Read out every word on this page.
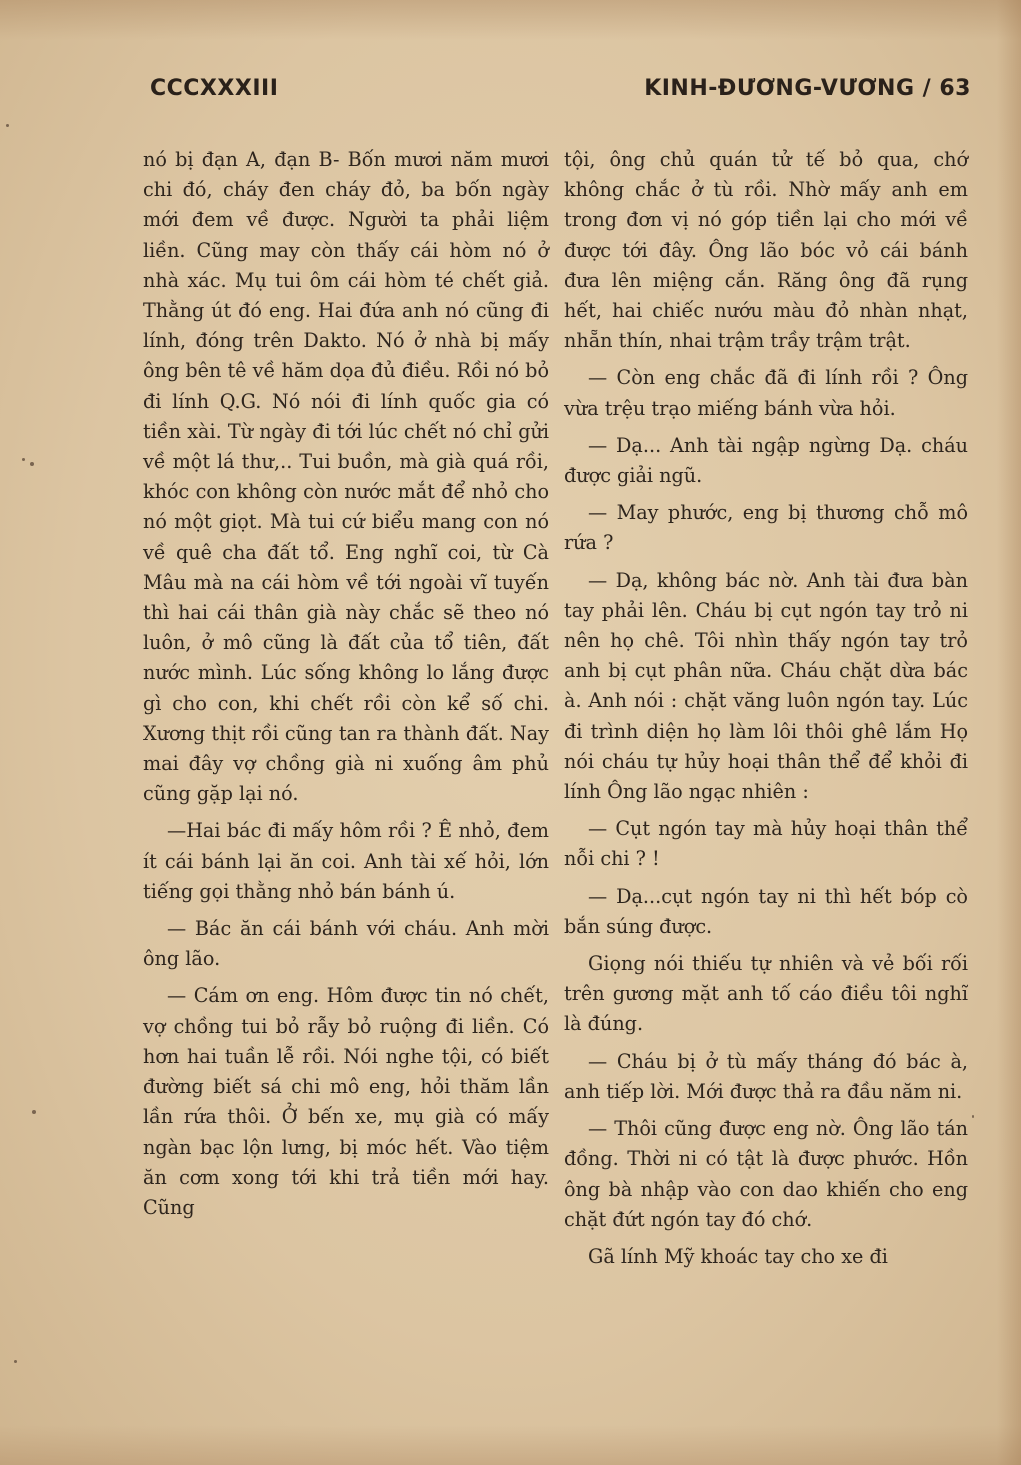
CCCXXXIII	KINH-ĐƯƠNG-VƯƠNG / 63

nó bị đạn A, đạn B- Bốn mươi năm mươi chi đó, cháy đen cháy đỏ, ba bốn ngày mới đem về được. Người ta phải liệm liền. Cũng may còn thấy cái hòm nó ở nhà xác. Mụ tui ôm cái hòm té chết giả. Thằng út đó eng. Hai đứa anh nó cũng đi lính, đóng trên Dakto. Nó ở nhà bị mấy ông bên tê về hăm dọa đủ điều. Rồi nó bỏ đi lính Q.G. Nó nói đi lính quốc gia có tiền xài. Từ ngày đi tới lúc chết nó chỉ gửi về một lá thư,.. Tui buồn, mà già quá rồi, khóc con không còn nước mắt để nhỏ cho nó một giọt. Mà tui cứ biểu mang con nó về quê cha đất tổ. Eng nghĩ coi, từ Cà Mâu mà na cái hòm về tới ngoài vĩ tuyến thì hai cái thân già này chắc sẽ theo nó luôn, ở mô cũng là đất của tổ tiên, đất nước mình. Lúc sống không lo lắng được gì cho con, khi chết rồi còn kể số chi. Xương thịt rồi cũng tan ra thành đất. Nay mai đây vợ chồng già ni xuống âm phủ cũng gặp lại nó.

—Hai bác đi mấy hôm rồi ? Ê nhỏ, đem ít cái bánh lại ăn coi. Anh tài xế hỏi, lớn tiếng gọi thằng nhỏ bán bánh ú.

— Bác ăn cái bánh với cháu. Anh mời ông lão.

— Cám ơn eng. Hôm được tin nó chết, vợ chồng tui bỏ rẫy bỏ ruộng đi liền. Có hơn hai tuần lễ rồi. Nói nghe tội, có biết đường biết sá chi mô eng, hỏi thăm lần lần rứa thôi. Ở bến xe, mụ già có mấy ngàn bạc lộn lưng, bị móc hết. Vào tiệm ăn cơm xong tới khi trả tiền mới hay. Cũng

tội, ông chủ quán tử tế bỏ qua, chớ không chắc ở tù rồi. Nhờ mấy anh em trong đơn vị nó góp tiền lại cho mới về được tới đây. Ông lão bóc vỏ cái bánh đưa lên miệng cắn. Răng ông đã rụng hết, hai chiếc nướu màu đỏ nhàn nhạt, nhẵn thín, nhai trậm trầy trậm trật.

— Còn eng chắc đã đi lính rồi ? Ông vừa trệu trạo miếng bánh vừa hỏi.

— Dạ... Anh tài ngập ngừng Dạ. cháu được giải ngũ.

— May phước, eng bị thương chỗ mô rứa ?

— Dạ, không bác nờ. Anh tài đưa bàn tay phải lên. Cháu bị cụt ngón tay trỏ ni nên họ chê. Tôi nhìn thấy ngón tay trỏ anh bị cụt phân nữa. Cháu chặt dừa bác à. Anh nói : chặt văng luôn ngón tay. Lúc đi trình diện họ làm lôi thôi ghê lắm Họ nói cháu tự hủy hoại thân thể để khỏi đi lính Ông lão ngạc nhiên :

— Cụt ngón tay mà hủy hoại thân thể nỗi chi ? !

— Dạ...cụt ngón tay ni thì hết bóp cò bắn súng được.

Giọng nói thiếu tự nhiên và vẻ bối rối trên gương mặt anh tố cáo điều tôi nghĩ là đúng.

— Cháu bị ở tù mấy tháng đó bác à, anh tiếp lời. Mới được thả ra đầu năm ni.

— Thôi cũng được eng nờ. Ông lão tán đồng. Thời ni có tật là được phước. Hồn ông bà nhập vào con dao khiến cho eng chặt đứt ngón tay đó chớ.

Gã lính Mỹ khoác tay cho xe đi
